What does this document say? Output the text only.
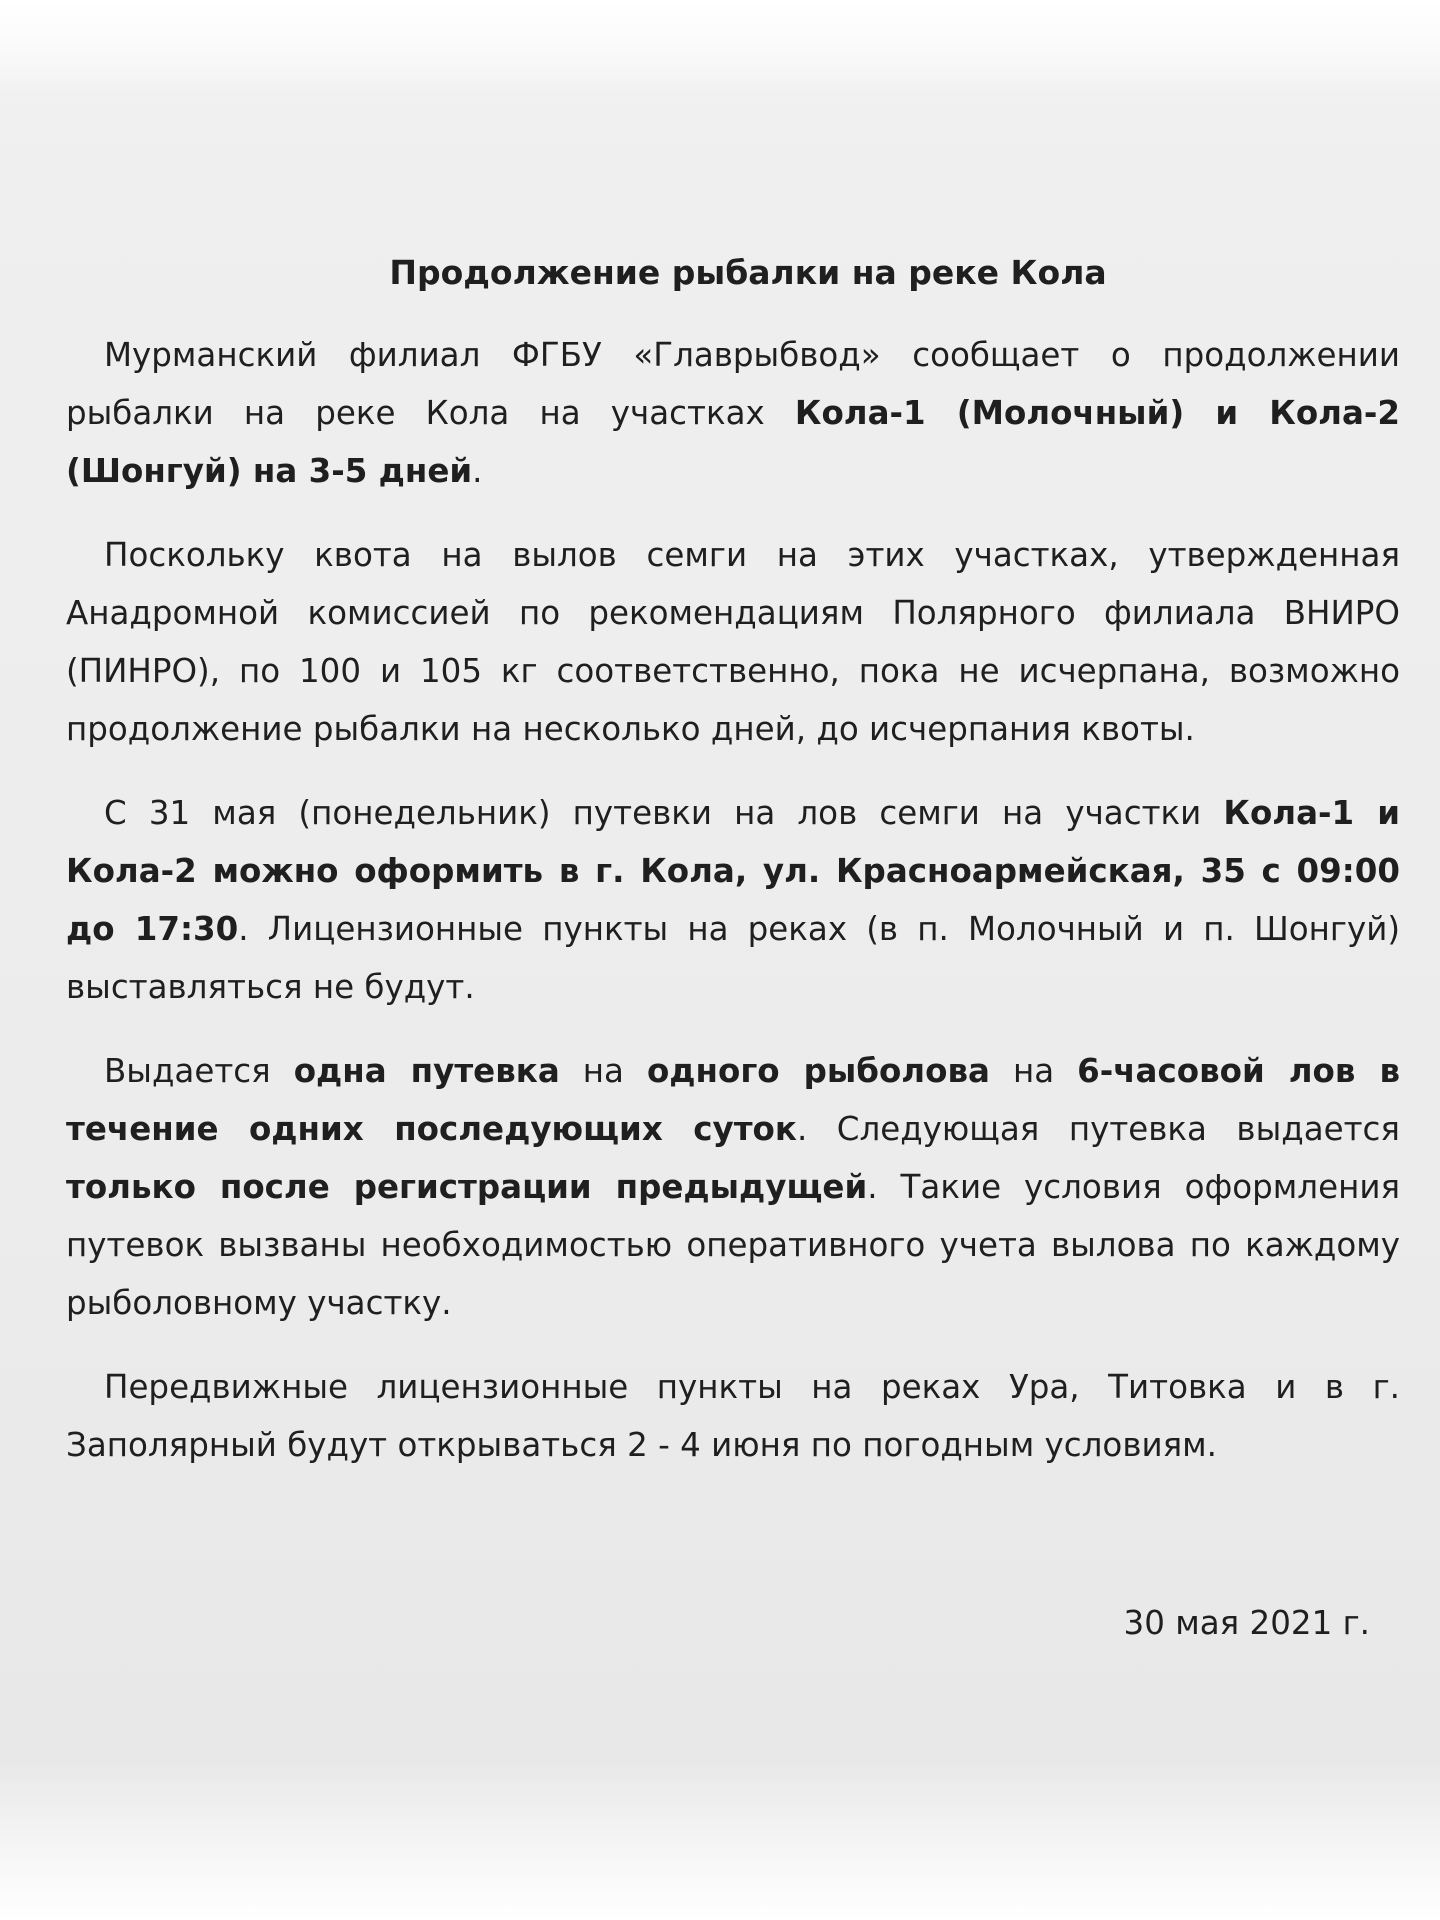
Продолжение рыбалки на реке Кола

Мурманский филиал ФГБУ «Главрыбвод» сообщает о продолжении рыбалки на реке Кола на участках Кола-1 (Молочный) и Кола-2 (Шонгуй) на 3-5 дней.

Поскольку квота на вылов семги на этих участках, утвержденная Анадромной комиссией по рекомендациям Полярного филиала ВНИРО (ПИНРО), по 100 и 105 кг соответственно, пока не исчерпана, возможно продолжение рыбалки на несколько дней, до исчерпания квоты.

С 31 мая (понедельник) путевки на лов семги на участки Кола-1 и Кола-2 можно оформить в г. Кола, ул. Красноармейская, 35 с 09:00 до 17:30. Лицензионные пункты на реках (в п. Молочный и п. Шонгуй) выставляться не будут.

Выдается одна путевка на одного рыболова на 6-часовой лов в течение одних последующих суток. Следующая путевка выдается только после регистрации предыдущей. Такие условия оформления путевок вызваны необходимостью оперативного учета вылова по каждому рыболовному участку.

Передвижные лицензионные пункты на реках Ура, Титовка и в г. Заполярный будут открываться 2 - 4 июня по погодным условиям.

30 мая 2021 г.
